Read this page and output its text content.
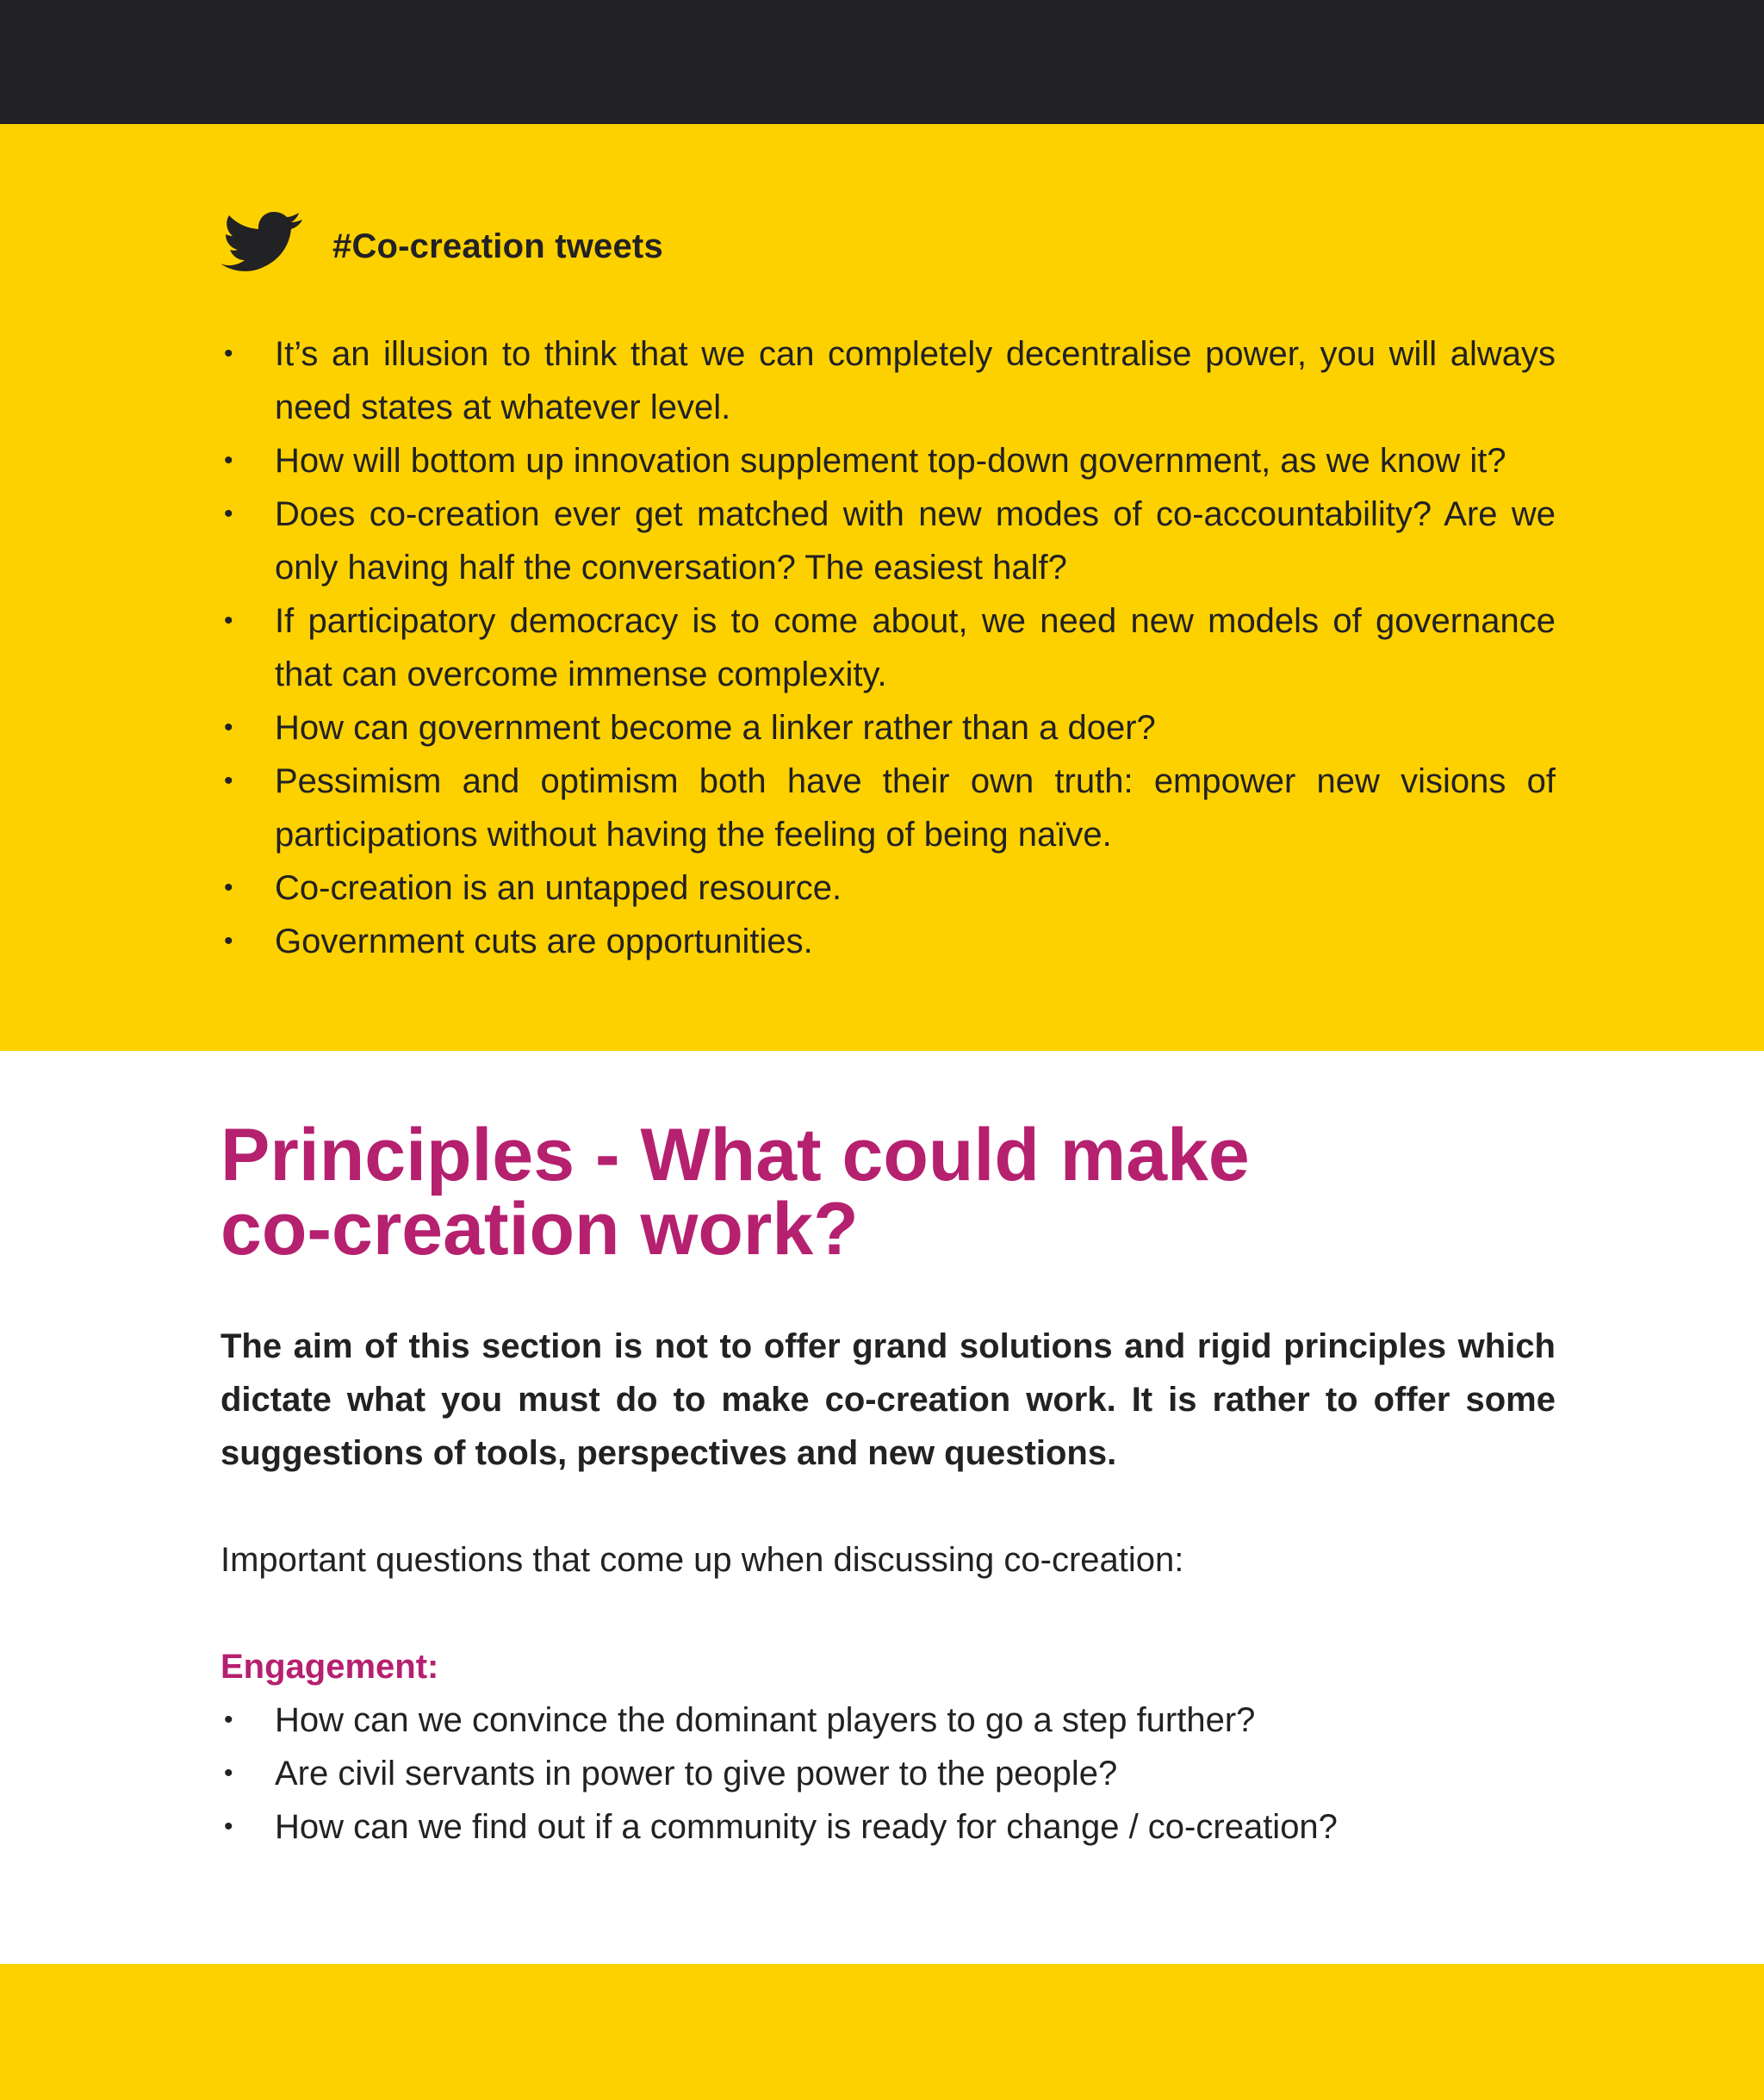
#Co-creation tweets
• It’s an illusion to think that we can completely decentralise power, you will always need states at whatever level.
• How will bottom up innovation supplement top-down government, as we know it?
• Does co-creation ever get matched with new modes of co-accountability? Are we only having half the conversation? The easiest half?
• If participatory democracy is to come about, we need new models of governance that can overcome immense complexity.
• How can government become a linker rather than a doer?
• Pessimism and optimism both have their own truth: empower new visions of participations without having the feeling of being naïve.
• Co-creation is an untapped resource.
• Government cuts are opportunities.
Principles - What could make
co-creation work?

The aim of this section is not to offer grand solutions and rigid principles which dictate what you must do to make co-creation work. It is rather to offer some suggestions of tools, perspectives and new questions.

Important questions that come up when discussing co-creation:

Engagement:
• How can we convince the dominant players to go a step further?
• Are civil servants in power to give power to the people?
• How can we find out if a community is ready for change / co-creation?
